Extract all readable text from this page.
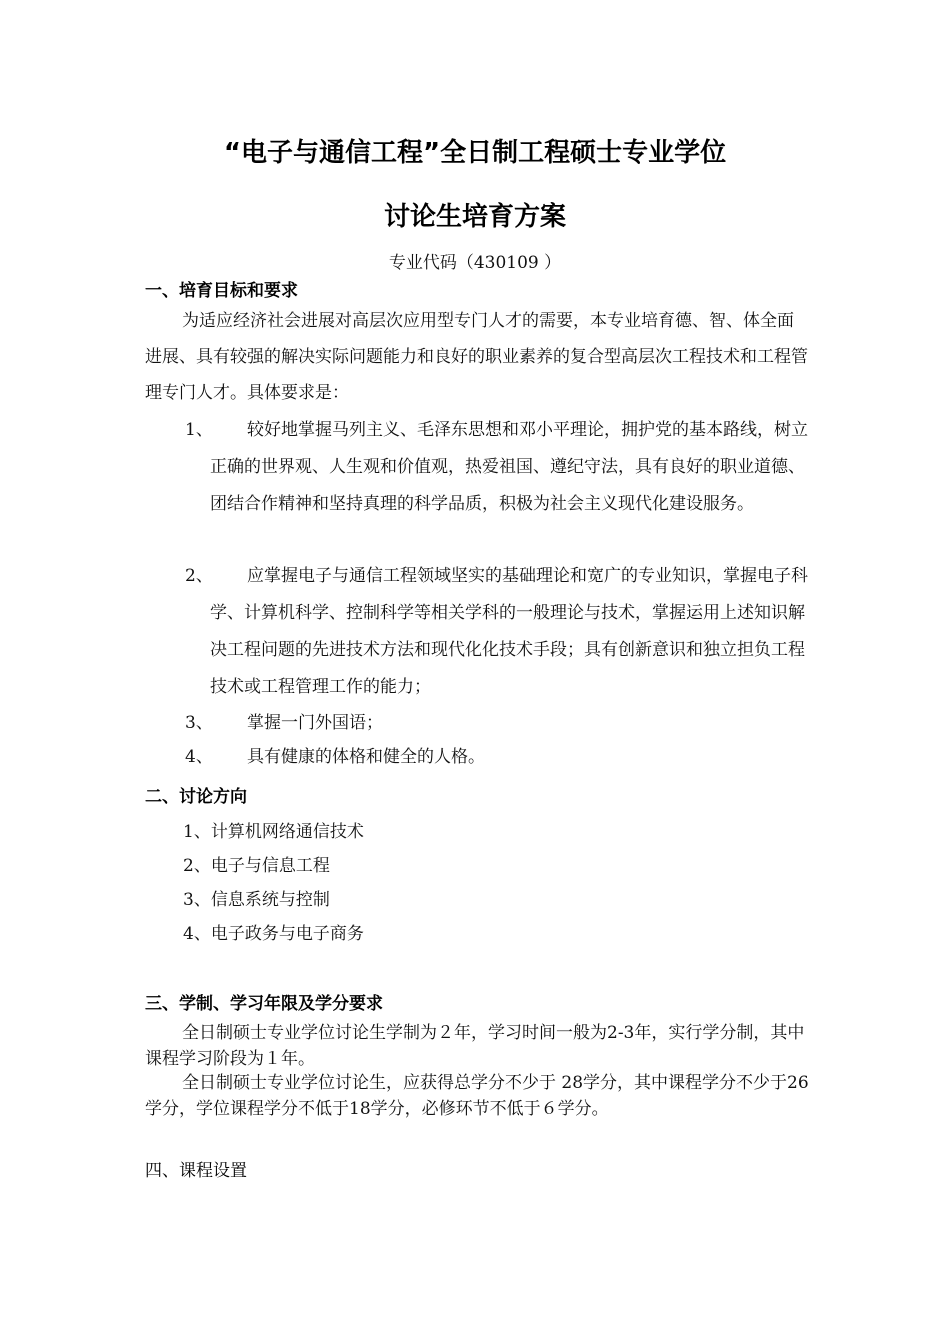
“电子与通信工程”全日制工程硕士专业学位
讨论生培育方案
专业代码（430109 ）
一、培育目标和要求

为适应经济社会进展对高层次应用型专门人才的需要，本专业培育德、智、体全面进展、具有较强的解决实际问题能力和良好的职业素养的复合型高层次工程技术和工程管理专门人才。具体要求是：

1、	较好地掌握马列主义、毛泽东思想和邓小平理论，拥护党的基本路线，树立正确的世界观、人生观和价值观，热爱祖国、遵纪守法，具有良好的职业道德、团结合作精神和坚持真理的科学品质，积极为社会主义现代化建设服务。
2、	应掌握电子与通信工程领域坚实的基础理论和宽广的专业知识，掌握电子科学、计算机科学、控制科学等相关学科的一般理论与技术，掌握运用上述知识解决工程问题的先进技术方法和现代化化技术手段；具有创新意识和独立担负工程技术或工程管理工作的能力；
3、	掌握一门外国语；
4、	具有健康的体格和健全的人格。
二、讨论方向
1、计算机网络通信技术
2、电子与信息工程
3、信息系统与控制
4、电子政务与电子商务
三、学制、学习年限及学分要求

全日制硕士专业学位讨论生学制为２年，学习时间一般为2-3年，实行学分制，其中课程学习阶段为１年。

全日制硕士专业学位讨论生，应获得总学分不少于 28学分，其中课程学分不少于26学分，学位课程学分不低于18学分，必修环节不低于６学分。

四、课程设置
